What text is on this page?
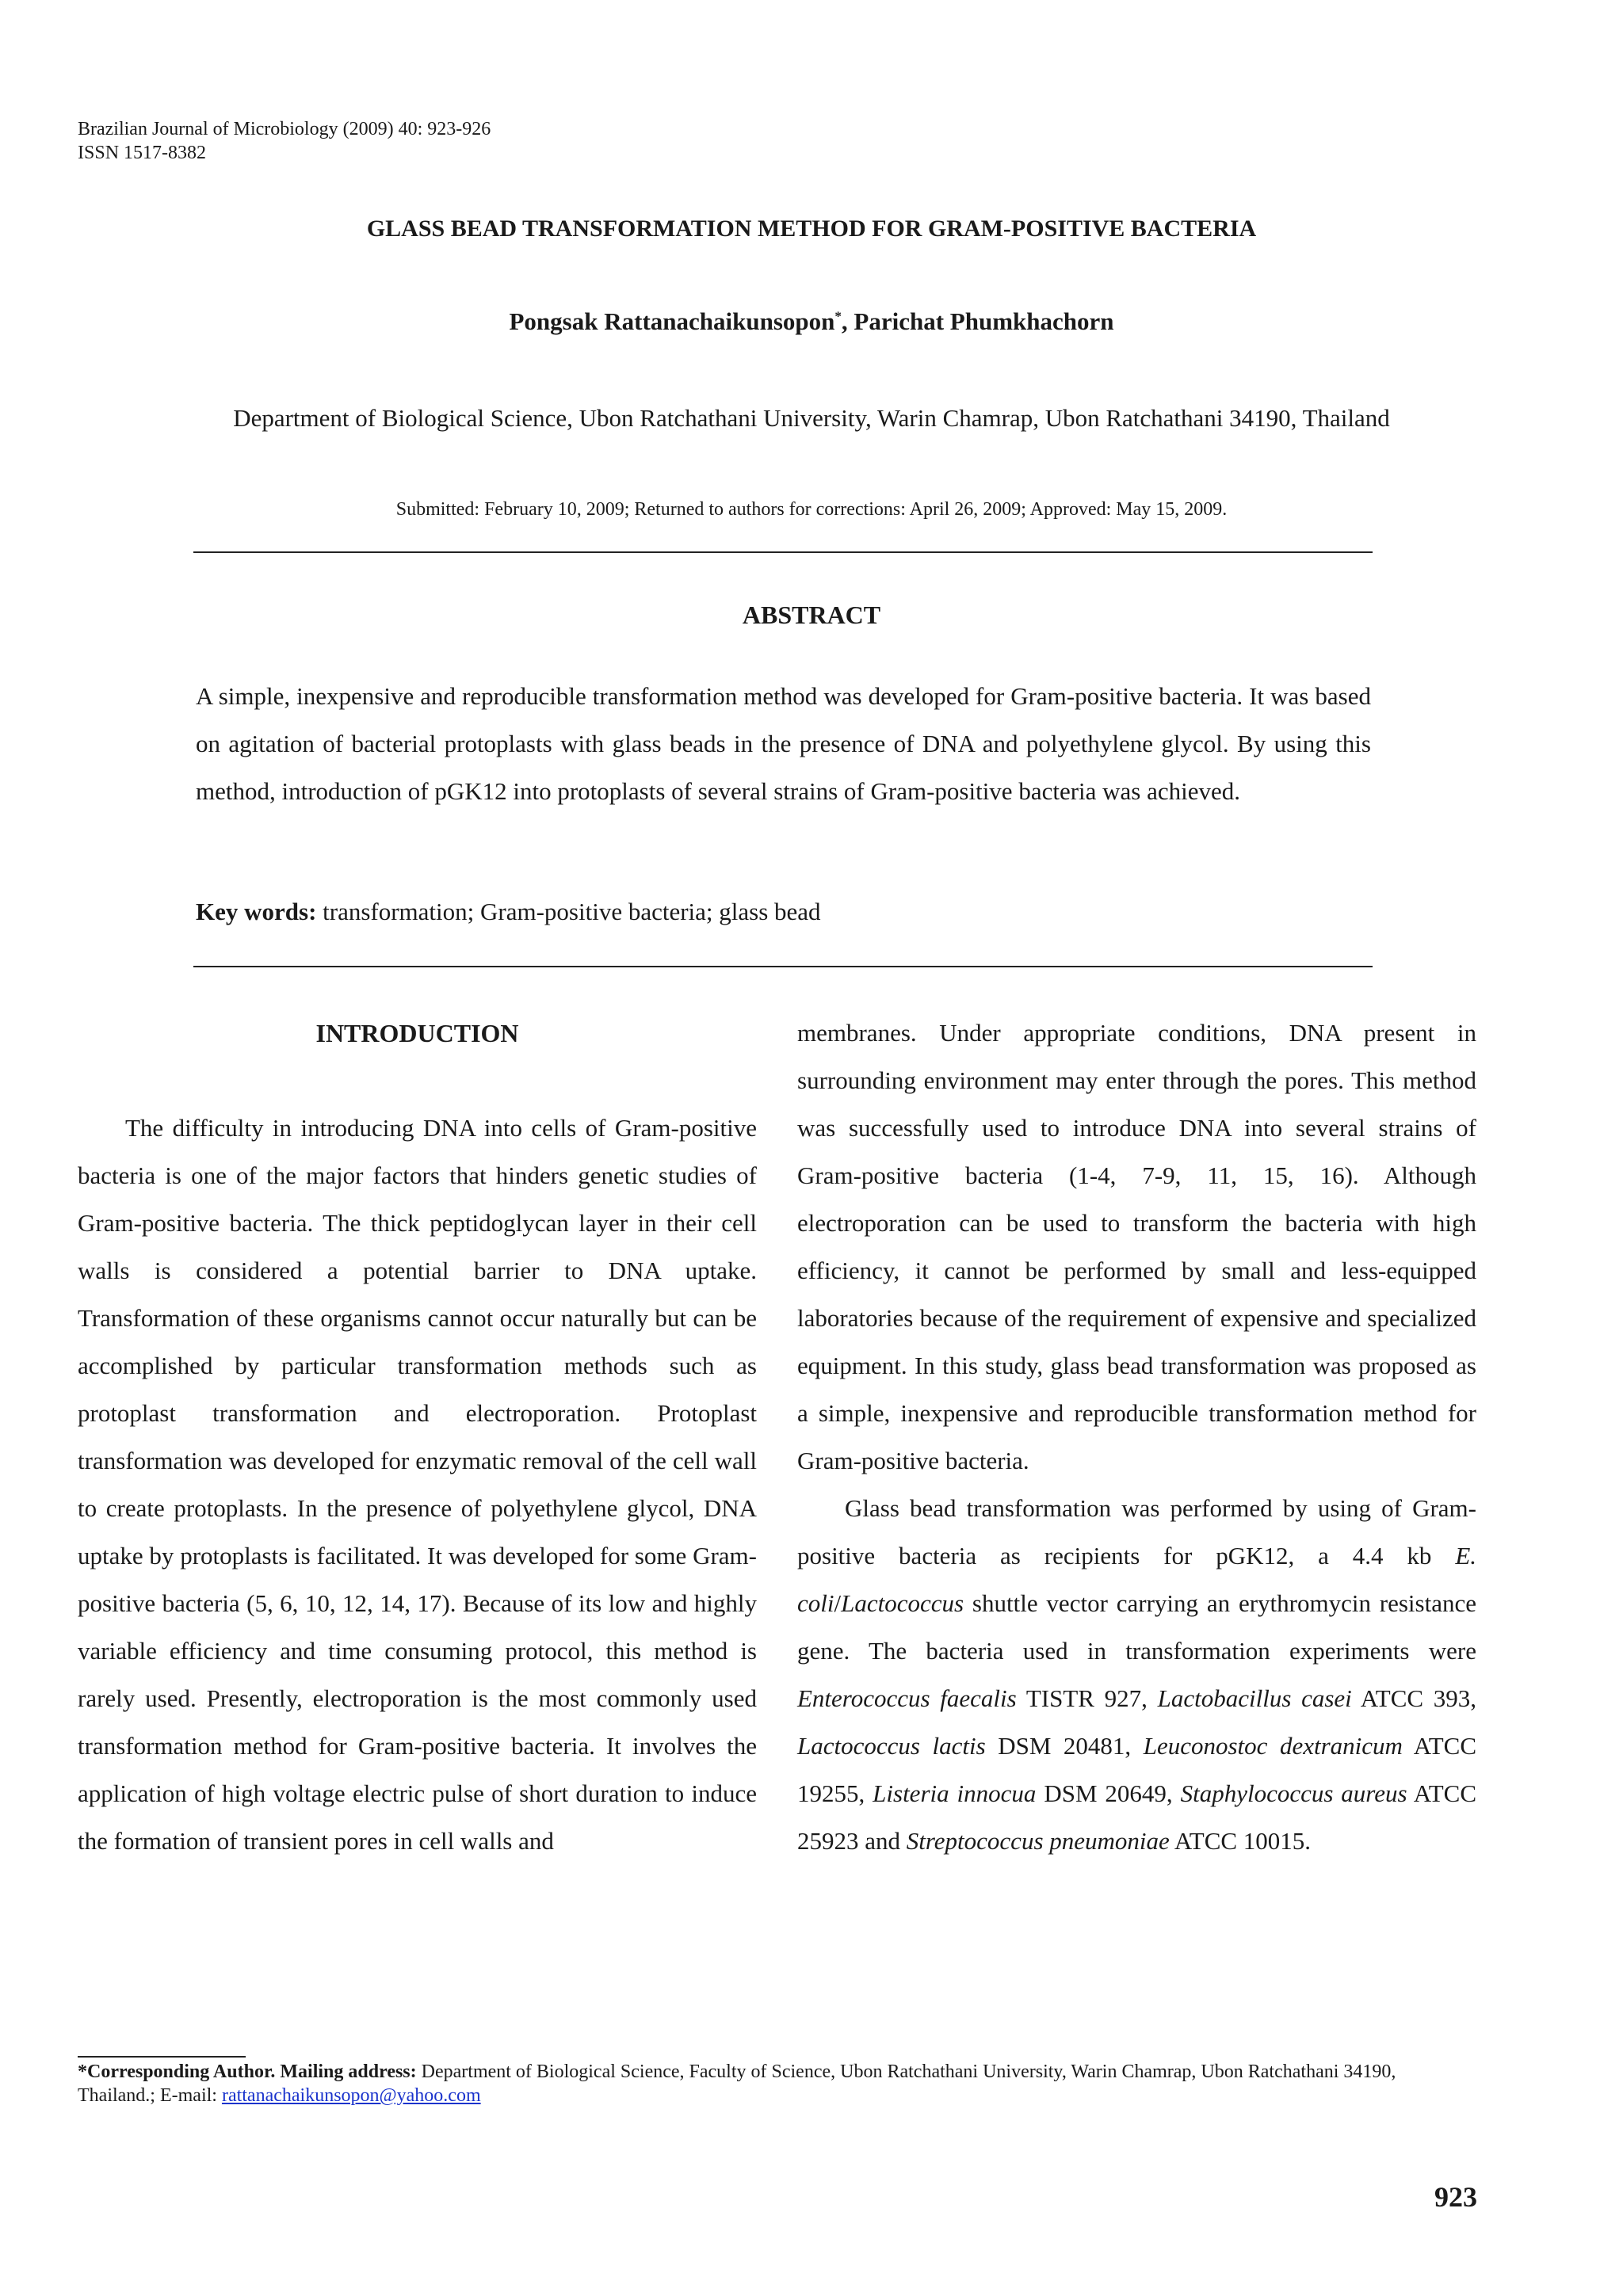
Brazilian Journal of Microbiology (2009) 40: 923-926
ISSN 1517-8382
GLASS BEAD TRANSFORMATION METHOD FOR GRAM-POSITIVE BACTERIA
Pongsak Rattanachaikunsopon*, Parichat Phumkhachorn
Department of Biological Science, Ubon Ratchathani University, Warin Chamrap, Ubon Ratchathani 34190, Thailand
Submitted: February 10, 2009; Returned to authors for corrections: April 26, 2009; Approved: May 15, 2009.
ABSTRACT
A simple, inexpensive and reproducible transformation method was developed for Gram-positive bacteria. It was based on agitation of bacterial protoplasts with glass beads in the presence of DNA and polyethylene glycol. By using this method, introduction of pGK12 into protoplasts of several strains of Gram-positive bacteria was achieved.
Key words: transformation; Gram-positive bacteria; glass bead
INTRODUCTION

The difficulty in introducing DNA into cells of Gram-positive bacteria is one of the major factors that hinders genetic studies of Gram-positive bacteria. The thick peptidoglycan layer in their cell walls is considered a potential barrier to DNA uptake. Transformation of these organisms cannot occur naturally but can be accomplished by particular transformation methods such as protoplast transformation and electroporation. Protoplast transformation was developed for enzymatic removal of the cell wall to create protoplasts. In the presence of polyethylene glycol, DNA uptake by protoplasts is facilitated. It was developed for some Gram-positive bacteria (5, 6, 10, 12, 14, 17). Because of its low and highly variable efficiency and time consuming protocol, this method is rarely used. Presently, electroporation is the most commonly used transformation method for Gram-positive bacteria. It involves the application of high voltage electric pulse of short duration to induce the formation of transient pores in cell walls and

membranes. Under appropriate conditions, DNA present in surrounding environment may enter through the pores. This method was successfully used to introduce DNA into several strains of Gram-positive bacteria (1-4, 7-9, 11, 15, 16). Although electroporation can be used to transform the bacteria with high efficiency, it cannot be performed by small and less-equipped laboratories because of the requirement of expensive and specialized equipment. In this study, glass bead transformation was proposed as a simple, inexpensive and reproducible transformation method for Gram-positive bacteria.

Glass bead transformation was performed by using of Gram-positive bacteria as recipients for pGK12, a 4.4 kb E. coli/Lactococcus shuttle vector carrying an erythromycin resistance gene. The bacteria used in transformation experiments were Enterococcus faecalis TISTR 927, Lactobacillus casei ATCC 393, Lactococcus lactis DSM 20481, Leuconostoc dextranicum ATCC 19255, Listeria innocua DSM 20649, Staphylococcus aureus ATCC 25923 and Streptococcus pneumoniae ATCC 10015.

*Corresponding Author. Mailing address: Department of Biological Science, Faculty of Science, Ubon Ratchathani University, Warin Chamrap, Ubon Ratchathani 34190, Thailand.; E-mail: rattanachaikunsopon@yahoo.com
923
